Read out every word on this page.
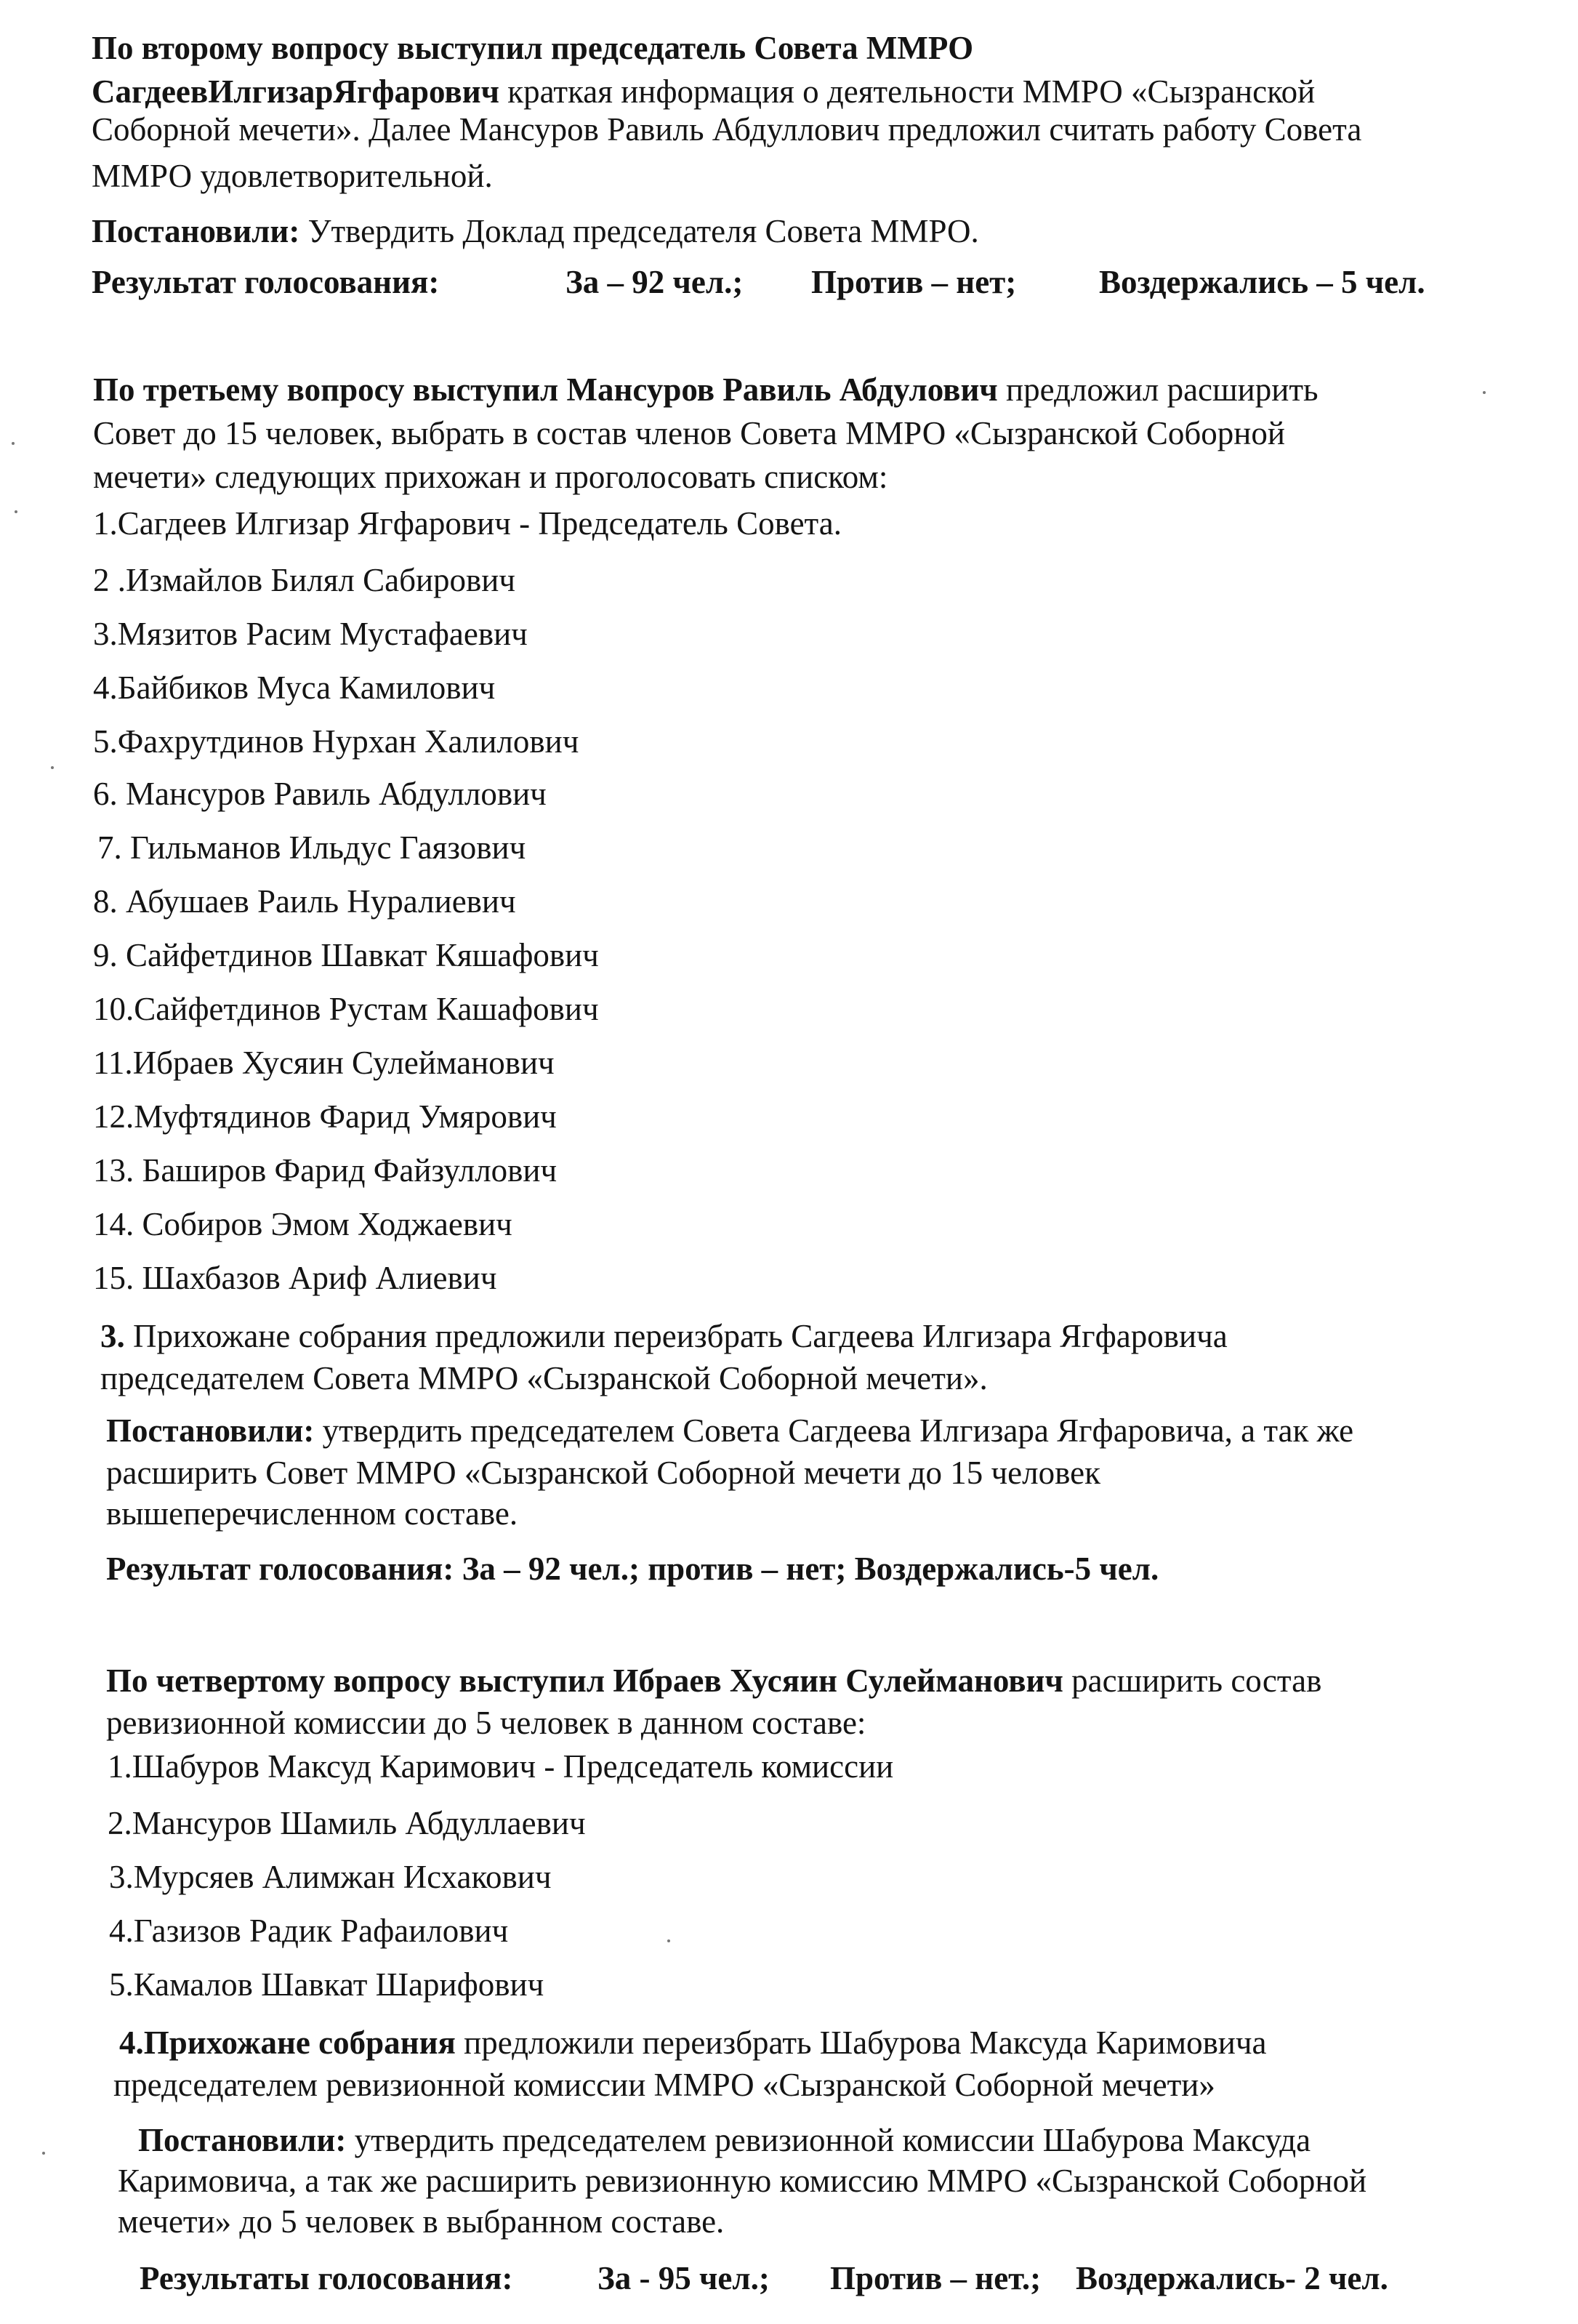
По второму вопросу выступил председатель Совета ММРО
СагдеевИлгизарЯгфарович краткая информация о деятельности ММРО «Сызранской
Соборной мечети». Далее Мансуров Равиль Абдуллович предложил считать работу Совета
ММРО удовлетворительной.
Постановили: Утвердить Доклад председателя Совета ММРО.
Результат голосования:	За – 92 чел.; Против – нет;	Воздержались – 5 чел.
По третьему вопросу выступил Мансуров Равиль Абдулович предложил расширить
Совет до 15 человек, выбрать в состав членов Совета ММРО «Сызранской Соборной
мечети» следующих прихожан и проголосовать списком:
1.Сагдеев Илгизар Ягфарович - Председатель Совета.
2 .Измайлов Билял Сабирович
3.Мязитов Расим Мустафаевич
4.Байбиков Муса Камилович
5.Фахрутдинов Нурхан Халилович
6. Мансуров Равиль Абдуллович
7. Гильманов Ильдус Гаязович
8. Абушаев Раиль Нуралиевич
9. Сайфетдинов Шавкат Кяшафович
10.Сайфетдинов Рустам Кашафович
11.Ибраев Хусяин Сулейманович
12.Муфтядинов Фарид Умярович
13. Баширов Фарид Файзуллович
14. Собиров Эмом Ходжаевич
15. Шахбазов Ариф Алиевич
3. Прихожане собрания предложили переизбрать Сагдеева Илгизара Ягфаровича
председателем Совета ММРО «Сызранской Соборной мечети».
Постановили: утвердить председателем Совета Сагдеева Илгизара Ягфаровича, а так же
расширить Совет ММРО «Сызранской Соборной мечети до 15 человек
вышеперечисленном составе.
Результат голосования: За – 92 чел.; против – нет; Воздержались-5 чел.
По четвертому вопросу выступил Ибраев Хусяин Сулейманович расширить состав
ревизионной комиссии до 5 человек в данном составе:
1.Шабуров Максуд Каримович - Председатель комиссии
2.Мансуров Шамиль Абдуллаевич
3.Мурсяев Алимжан Исхакович
4.Газизов Радик Рафаилович
5.Камалов Шавкат Шарифович
4.Прихожане собрания предложили переизбрать Шабурова Максуда Каримовича
председателем ревизионной комиссии ММРО «Сызранской Соборной мечети»
Постановили: утвердить председателем ревизионной комиссии Шабурова Максуда
Каримовича, а так же расширить ревизионную комиссию ММРО «Сызранской Соборной
мечети» до 5 человек в выбранном составе.
Результаты голосования:	За - 95 чел.; Против – нет.; Воздержались- 2 чел.
